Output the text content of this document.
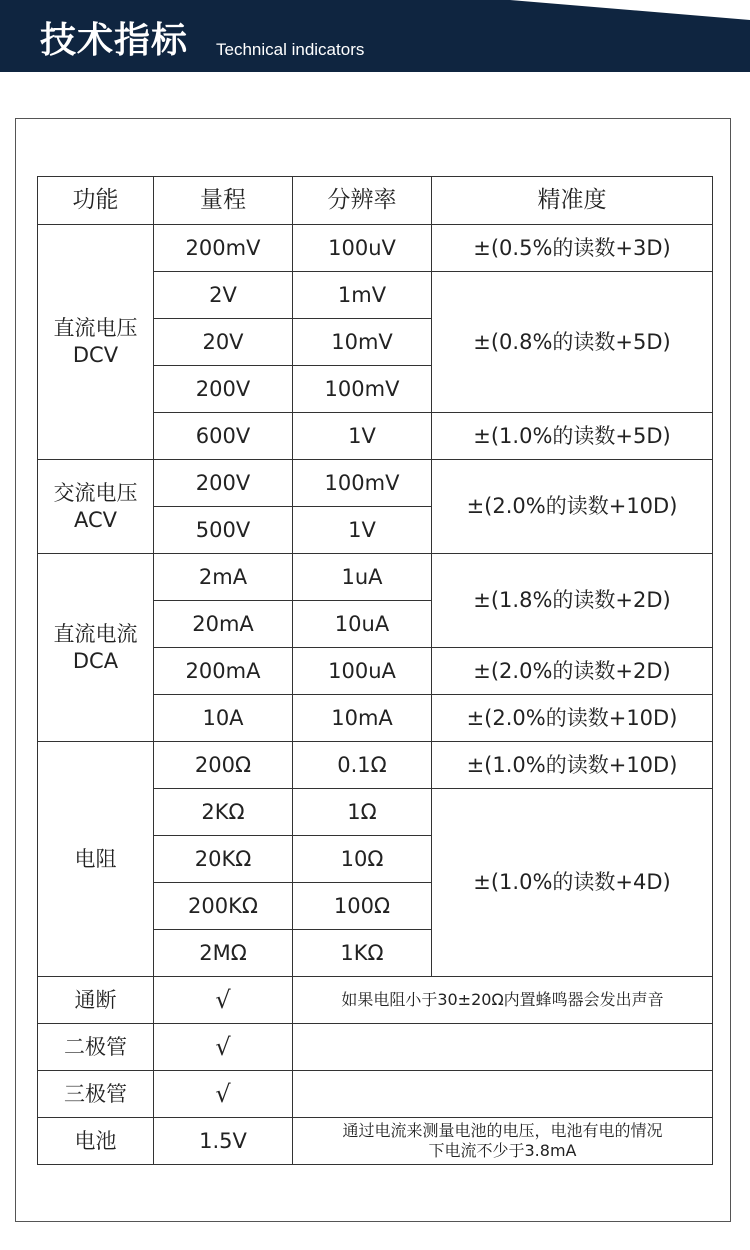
技术指标 Technical indicators
功能	量程	分辨率	精准度
直流电压
DCV	200mV	100uV	±(0.5%的读数+3D)
	2V	1mV	±(0.8%的读数+5D)
	20V	10mV	
	200V	100mV	
	600V	1V	±(1.0%的读数+5D)
交流电压
ACV	200V	100mV	±(2.0%的读数+10D)
	500V	1V	
直流电流
DCA	2mA	1uA	±(1.8%的读数+2D)
	20mA	10uA	
	200mA	100uA	±(2.0%的读数+2D)
	10A	10mA	±(2.0%的读数+10D)
电阻	200Ω	0.1Ω	±(1.0%的读数+10D)
	2KΩ	1Ω	±(1.0%的读数+4D)
	20KΩ	10Ω	
	200KΩ	100Ω	
	2MΩ	1KΩ	
通断	√	如果电阻小于30±20Ω内置蜂鸣器会发出声音	
二极管	√		
三极管	√		
电池	1.5V	通过电流来测量电池的电压，电池有电的情况
下电流不少于3.8mA	
